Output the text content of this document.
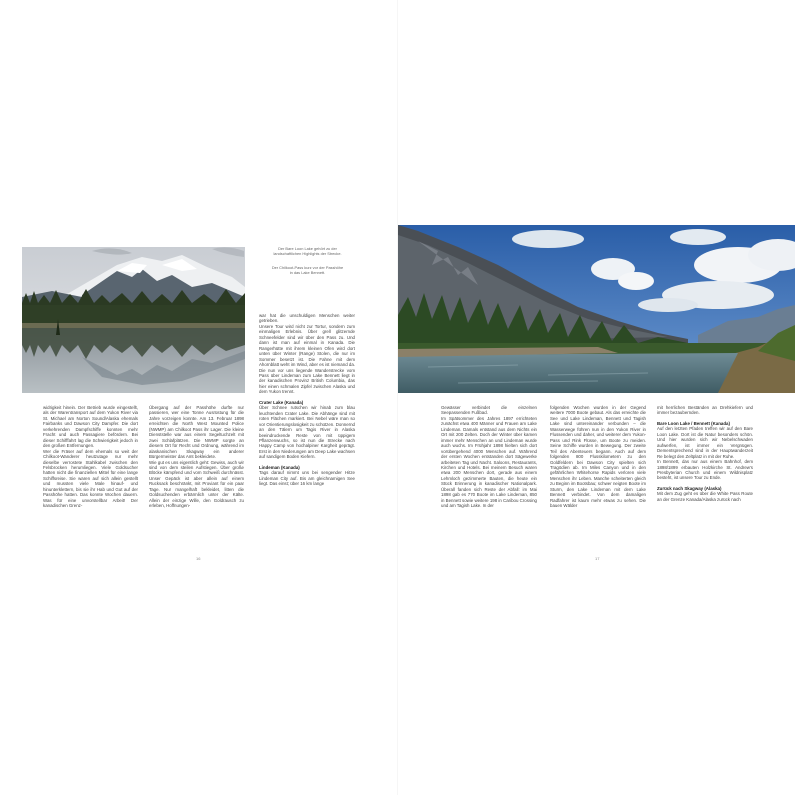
widrigkeit hinein. Der Betrieb wurde eingestellt, als der Warentransport auf dem Yukon River via St. Michael am Norton Sound/Alaska ehemals Fairbanks und Dawson City Dampfer. Die dort verkehrenden Dampfschiffe konnten mehr Fracht und auch Passagiere befördern. Bei dieser Schifffahrt lag die Schwierigkeit jedoch in den großen Entfernungen.

Wer die Fräser auf dem ehemals so weit der Chilkoot-Wanderer heutzutage nur mehr dieselbe verrostete Stahlkabel zwischen den Felsbrocken herumliegen. Viele Goldsucher hatten nicht die finanziellen Mittel für eine lange Schiffsreise. Sie waren auf sich allein gestellt und mussten viele Male hinauf- und hinunterklettern, bis sie ihr Hab und Gut auf der Passhöhe hatten. Das konnte Wochen dauern. Was für eine unvorstellbar Arbeit! Der kanadischen Grenz-

Übergang auf der Passhöhe durfte nur passieren, wer eine Tonne Ausrüstung für die Jahre vorzeigen konnte. Am 13. Februar 1898 erreichten die North West Mounted Police (NWMP) am Chilkoot Pass ihr Lager. Die kleine Dienststelle war aus einem Segeltuchzelt mit zwei Schlafplätzen. Die NWMP sorgte an diesem Ort für Recht und Ordnung, während im alaskanischen Skagway ein anderer Bürgermeister das Amt bekleidete.

Wie gut es uns eigentlich geht: Gewiss, auch wir sind von dem steilen Aufstiegen. Über große Blöcke kämpfend und vom Schweiß durchnässt. Unser Gepäck ist aber allein auf einem Rucksack beschränkt, mit Proviant für ein paar Tage. Nur mangelhaft bekleidet, litten die Goldsuchenden erbärmlich unter der Kälte. Allein der einzige Wille, den Goldrausch zu erleben, Hoffnungen-

war hat die unschuldigen Menschen weiter getrieben.

Unsere Tour wird nicht zur Tortur, sondern zum einmaligen Erlebnis. Über grell glitzernde Schneefelder sind wir über den Pass zu. Und dann ist man auf einmal in Kanada. Die Rangerhütte mit ihrem kleinen Ofen wird dort unten über Winter (Range) Stolen, die nur im Sommer besetzt ist. Die Fahne mit dem Ahornblatt weht im Wind, aber es ist niemand da. Die nun vor uns liegende Wanderstrecke vom Pass über Lindeman zum Lake Bennett liegt in der kanadischen Provinz British Columbia, das hier einen schmalen Zipfel zwischen Alaska und dem Yukon trennt.

Crater Lake (Kanada)

Über Schnee rutschen wir hinab zum blau leuchtenden Crater Lake. Die Abhänge sind mit roten Flächen markiert. Bei Nebel wäre man so vor Orientierungslosigkeit zu schützen. Donnernd an den Tälern um Tagis River in Alaska beeindruckende Reste von mit üppigem Pflanzenwuchs, so ist nun die Strecke nach Happy Camp von hochalpiner Kargheit geprägt. Erst in den Niederungen am Deep Lake wachsen auf sandigem Boden Kiefern.

Lindeman (Kanada)

Tags darauf nimmt uns bei sengender Hitze Lindeman City auf. Bis am gleichnamigen See liegt. Das einst; über 16 km lange

Der Bare Loon Lake gehört zu der
landschaftlichen Highlights der Strecke.
Der Chilkoot-Pass kurz vor der Passhöhe
in das Lake Bennett.
16

Gewässer verbindet die einzelnen Seepassenden Fußbad.

Im Spätsommer des Jahres 1897 errichteten zunächst etwa 400 Männer und Frauen am Lake Lindeman. Damals entstand aus dem Nichts ein Ort mit 200 Zelten. Doch der Winter über kamen immer mehr Menschen an und Lindeman wurde auch wuchs. Im Frühjahr 1898 hielten sich dort vorübergehend 4000 Menschen auf. Während der ersten Wochen entstanden dort Sägewerke arbeiteten Tag und Nacht. Saloons, Restaurants, Kirchen und Hotels. Bei meinem Besuch waren etwa 200 Menschen dort, gerade aus einem Lehmloch gezimmerte Bauten, die heute ein Stück Erinnerung in kanadischer Nationalpark. Überall fanden sich Reste der Abfall: im Mai 1898 gab es 770 Boote im Lake Lindeman, 850 in Bennett sowie weitere 198 in Caribou Crossing und am Tagish Lake. In der

folgenden Wochen wurden in der Gegend weitere 7000 Boote gebaut. Als das erreichte die See und Lake Lindeman, Bennett und Tagish Lake sind untereinander verbunden – die Wasserwege führen nun in den Yukon River in Flussenden und daher, und weiterer dem Yukon-Pass und Rink Flüsse, um Boote zu meiden. Seine Schiffe wurden in Bewegung. Der zweite Teil des Abenteuers begann. Auch auf dem folgenden 800 Flusskilometern zu den Goldfeldern bei Dawson City spielten sich Tragödien ab. Im Miles Canyon und in den gefährlichen Whitehorse Rapids verloren viele Menschen ihr Leben. Manche scheiterten gleich zu Beginn im Bootsbau; schwer neigten Boote im Sturm, den Lake Lindeman mit dem Lake Bennett verbindet. Von dem damaligen Radfahrer ist kaum mehr etwas zu sehen. Die bauen Wälder

mit herrlichen Beständen an Drehkiefern und immer bezaubernden.

Bare Loon Lake / Bennett (Kanada)

Auf den letzten Pfaden treffen wir auf den Bare Loon Lake. Dort ist die Natur besonders schön. Und hier wurden sich wir Nebelschwaden aufwerfen, ist immer ein Vergnügen. Dementsprechend sind in der Hauptwanderzeit Re belegt den Zeltplatz in mit der Ruhe.

In Bennett, das nur aus einem Bahnhof, dem 1898/1899 erbauten Holzkirche St. Andrew's Presbyterian Church und einem Wildnisplatz besteht, ist unsere Tour zu Ende.

Zurück nach Skagway (Alaska)

Mit dem Zug geht es über die White Pass Route an der Grenze Kanada/Alaska zurück nach

17
